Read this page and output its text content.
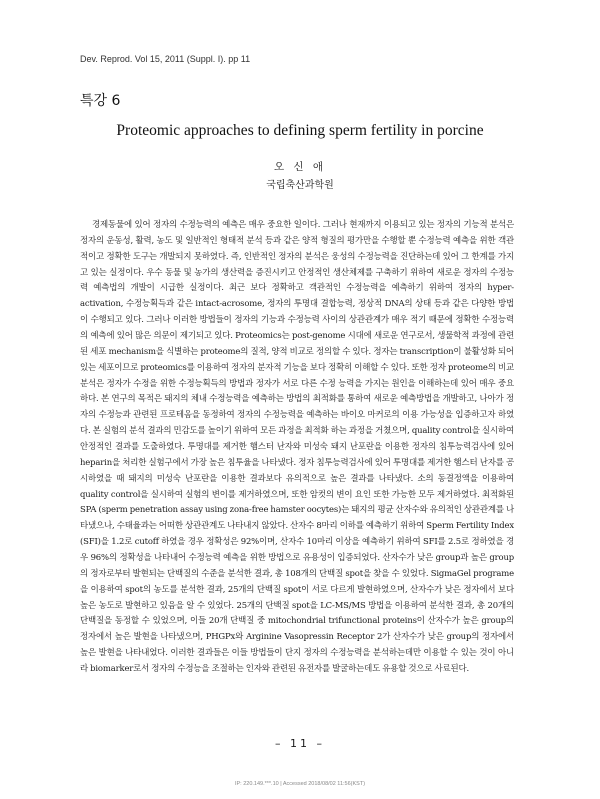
Dev. Reprod. Vol 15, 2011 (Suppl. I). pp 11
특강 6
Proteomic approaches to defining sperm fertility in porcine
오 신 애
국립축산과학원

경제동물에 있어 정자의 수정능력의 예측은 매우 중요한 일이다. 그러나 현재까지 이용되고 있는 정자의 기능적 분석은 정자의 운동성, 활력, 농도 및 일반적인 형태적 분석 등과 같은 양적 형질의 평가만을 수행할 뿐 수정능력 예측을 위한 객관적이고 정확한 도구는 개발되지 못하였다. 즉, 인반적인 정자의 분석은 웅성의 수정능력을 진단하는데 있어 그 한계를 가지고 있는 실정이다. 우수 동물 및 농가의 생산력을 증진시키고 안정적인 생산체제를 구축하기 위하여 새로운 정자의 수정능력 예측법의 개발이 시급한 실정이다. 최근 보다 정확하고 객관적인 수정능력을 예측하기 위하여 정자의 hyper-activation, 수정능획득과 같은 intact-acrosome, 정자의 투명대 결합능력, 정상적 DNA의 상태 등과 같은 다양한 방법이 수행되고 있다. 그러나 이러한 방법들이 정자의 기능과 수정능력 사이의 상관관계가 매우 적기 때문에 정확한 수정능력의 예측에 있어 많은 의문이 제기되고 있다. Proteomics는 post-genome 시대에 새로운 연구로서, 생물학적 과정에 관련된 세포 mechanism을 식별하는 proteome의 질적, 양적 비교로 정의할 수 있다. 정자는 transcription이 불활성화 되어 있는 세포이므로 proteomics를 이용하여 정자의 분자적 기능을 보다 정확히 이해할 수 있다. 또한 정자 proteome의 비교 분석은 정자가 수정을 위한 수정능획득의 방법과 정자가 서로 다른 수정 능력을 가지는 원인을 이해하는데 있어 매우 중요하다. 본 연구의 목적은 돼지의 체내 수정능력을 예측하는 방법의 최적화를 통하여 새로운 예측방법을 개발하고, 나아가 정자의 수정능과 관련된 프로테옴을 동정하여 정자의 수정능력을 예측하는 바이오 마커로의 이용 가능성을 입증하고자 하였다. 본 실험의 분석 결과의 민감도를 높이기 위하여 모든 과정을 최적화 하는 과정을 거쳤으며, quality control을 실시하여 안정적인 결과를 도출하였다. 투명대를 제거한 햄스터 난자와 미성숙 돼지 난포란을 이용한 정자의 침투능력검사에 있어 heparin을 처리한 실험구에서 가장 높은 침투율을 나타냈다. 정자 침투능력검사에 있어 투명대를 제거한 햄스터 난자를 공시하였을 때 돼지의 미성숙 난포란을 이용한 결과보다 유의적으로 높은 결과를 나타냈다. 소의 동결정액을 이용하여 quality control을 실시하여 실험의 변이를 제거하였으며, 또한 암컷의 변이 요인 또한 가능한 모두 제거하였다. 최적화된 SPA (sperm penetration assay using zona-free hamster oocytes)는 돼지의 평균 산자수와 유의적인 상관관계를 나타냈으나, 수태율과는 어떠한 상관관계도 나타내지 않았다. 산자수 8마리 이하를 예측하기 위하여 Sperm Fertility Index (SFI)을 1.2로 cutoff 하였을 경우 정확성은 92%이며, 산자수 10마리 이상을 예측하기 위하여 SFI를 2.5로 정하였을 경우 96%의 정확성을 나타내어 수정능력 예측을 위한 방법으로 유용성이 입증되었다. 산자수가 낮은 group과 높은 group의 정자로부터 발현되는 단백질의 수준을 분석한 결과, 총 108개의 단백질 spot을 찾을 수 있었다. SigmaGel programe을 이용하여 spot의 농도를 분석한 결과, 25개의 단백질 spot이 서로 다르게 발현하였으며, 산자수가 낮은 정자에서 보다 높은 농도로 발현하고 있음을 알 수 있었다. 25개의 단백질 spot을 LC-MS/MS 방법을 이용하여 분석한 결과, 총 20개의 단백질을 동정할 수 있었으며, 이들 20개 단백질 중 mitochondrial trifunctional proteins이 산자수가 높은 group의 정자에서 높은 발현을 나타냈으며, PHGPx와 Arginine Vasopressin Receptor 2가 산자수가 낮은 group의 정자에서 높은 발현을 나타내었다. 이러한 결과들은 이들 방법들이 단지 정자의 수정능력을 분석하는데만 이용할 수 있는 것이 아니라 biomarker로서 정자의 수정능을 조절하는 인자와 관련된 유전자를 발굴하는데도 유용할 것으로 사료된다.

– 11 –
IP: 220.149.***.10 | Accessed 2018/08/02 11:56(KST)
